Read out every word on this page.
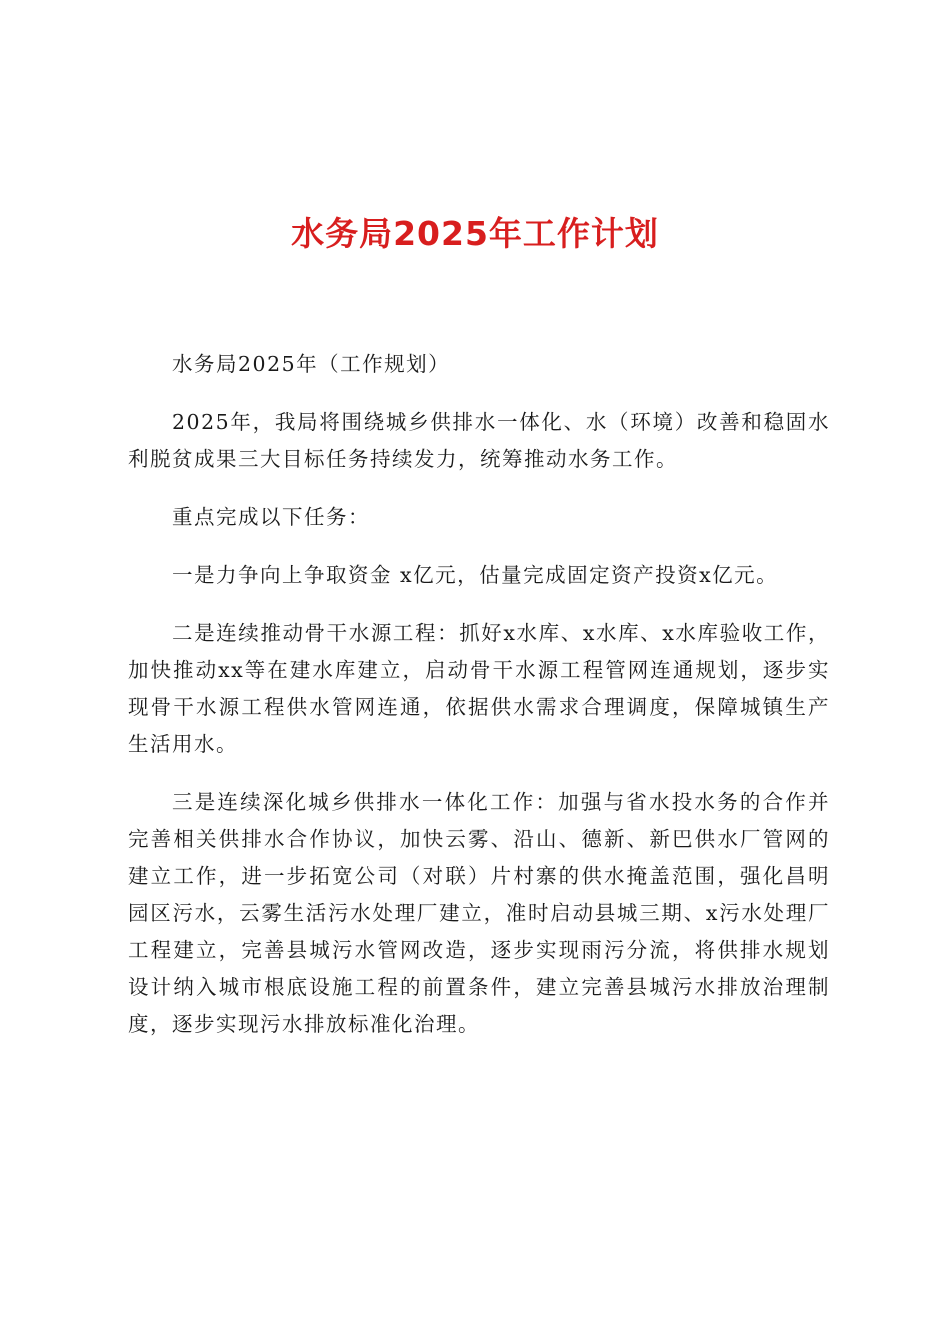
水务局2025年工作计划

水务局2025年（工作规划）

2025年，我局将围绕城乡供排水一体化、水（环境）改善和稳固水利脱贫成果三大目标任务持续发力，统筹推动水务工作。

重点完成以下任务：

一是力争向上争取资金 x亿元，估量完成固定资产投资x亿元。

二是连续推动骨干水源工程：抓好x水库、x水库、x水库验收工作，加快推动xx等在建水库建立，启动骨干水源工程管网连通规划，逐步实现骨干水源工程供水管网连通，依据供水需求合理调度，保障城镇生产生活用水。

三是连续深化城乡供排水一体化工作：加强与省水投水务的合作并完善相关供排水合作协议，加快云雾、沿山、德新、新巴供水厂管网的建立工作，进一步拓宽公司（对联）片村寨的供水掩盖范围，强化昌明园区污水，云雾生活污水处理厂建立，准时启动县城三期、x污水处理厂工程建立，完善县城污水管网改造，逐步实现雨污分流，将供排水规划设计纳入城市根底设施工程的前置条件，建立完善县城污水排放治理制度，逐步实现污水排放标准化治理。
